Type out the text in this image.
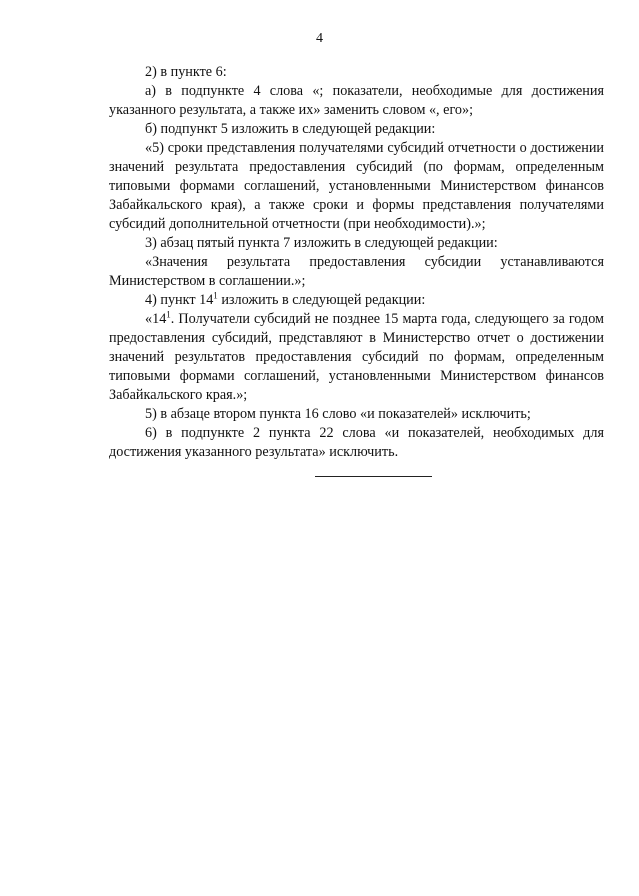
4

2) в пункте 6:

а) в подпункте 4 слова «; показатели, необходимые для достижения указанного результата, а также их» заменить словом «, его»;

б) подпункт 5 изложить в следующей редакции:

«5) сроки представления получателями субсидий отчетности о достижении значений результата предоставления субсидий (по формам, определенным типовыми формами соглашений, установленными Министерством финансов Забайкальского края), а также сроки и формы представления получателями субсидий дополнительной отчетности (при необходимости).»;

3) абзац пятый пункта 7 изложить в следующей редакции:

«Значения результата предоставления субсидии устанавливаются Министерством в соглашении.»;

4) пункт $14^1$ изложить в следующей редакции:

«$14^1$. Получатели субсидий не позднее 15 марта года, следующего за годом предоставления субсидий, представляют в Министерство отчет о достижении значений результатов предоставления субсидий по формам, определенным типовыми формами соглашений, установленными Министерством финансов Забайкальского края.»;

5) в абзаце втором пункта 16 слово «и показателей» исключить;

6) в подпункте 2 пункта 22 слова «и показателей, необходимых для достижения указанного результата» исключить.
